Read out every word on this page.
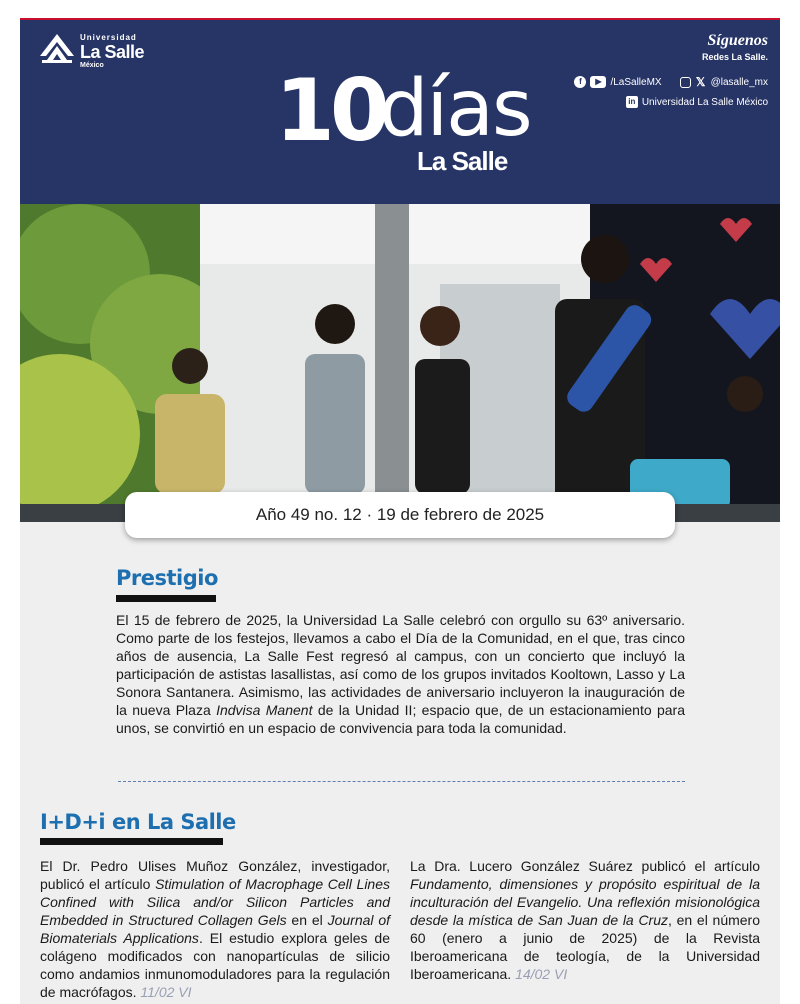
Universidad
La Salle
México	10
días
La Salle
Síguenos
Redes La Salle.
f	▶ /LaSalleMX	𝕏 @lasalle_mx
in Universidad La Salle México
Año 49 no. 12 · 19 de febrero de 2025
Prestigio
El 15 de febrero de 2025, la Universidad La Salle celebró con orgullo su 63º aniversario. Como parte de los festejos, llevamos a cabo el Día de la Comunidad, en el que, tras cinco años de ausencia, La Salle Fest regresó al campus, con un concierto que incluyó la participación de astistas lasallistas, así como de los grupos invitados Kooltown, Lasso y La Sonora Santanera. Asimismo, las actividades de aniversario incluyeron la inauguración de la nueva Plaza Indvisa Manent de la Unidad II; espacio que, de un estacionamiento para unos, se convirtió en un espacio de convivencia para toda la comunidad.
I+D+i en La Salle
El Dr. Pedro Ulises Muñoz González, investigador, publicó el artículo Stimulation of Macrophage Cell Lines Confined with Silica and/or Silicon Particles and Embedded in Structured Collagen Gels en el Journal of Biomaterials Applications. El estudio explora geles de colágeno modificados con nanopartículas de silicio como andamios inmunomoduladores para la regulación de macrófagos. 11/02 VI
La Dra. Lucero González Suárez publicó el artículo Fundamento, dimensiones y propósito espiritual de la inculturación del Evangelio. Una reflexión misionológica desde la mística de San Juan de la Cruz, en el número 60 (enero a junio de 2025) de la Revista Iberoamericana de teología, de la Universidad Iberoamericana. 14/02 VI
